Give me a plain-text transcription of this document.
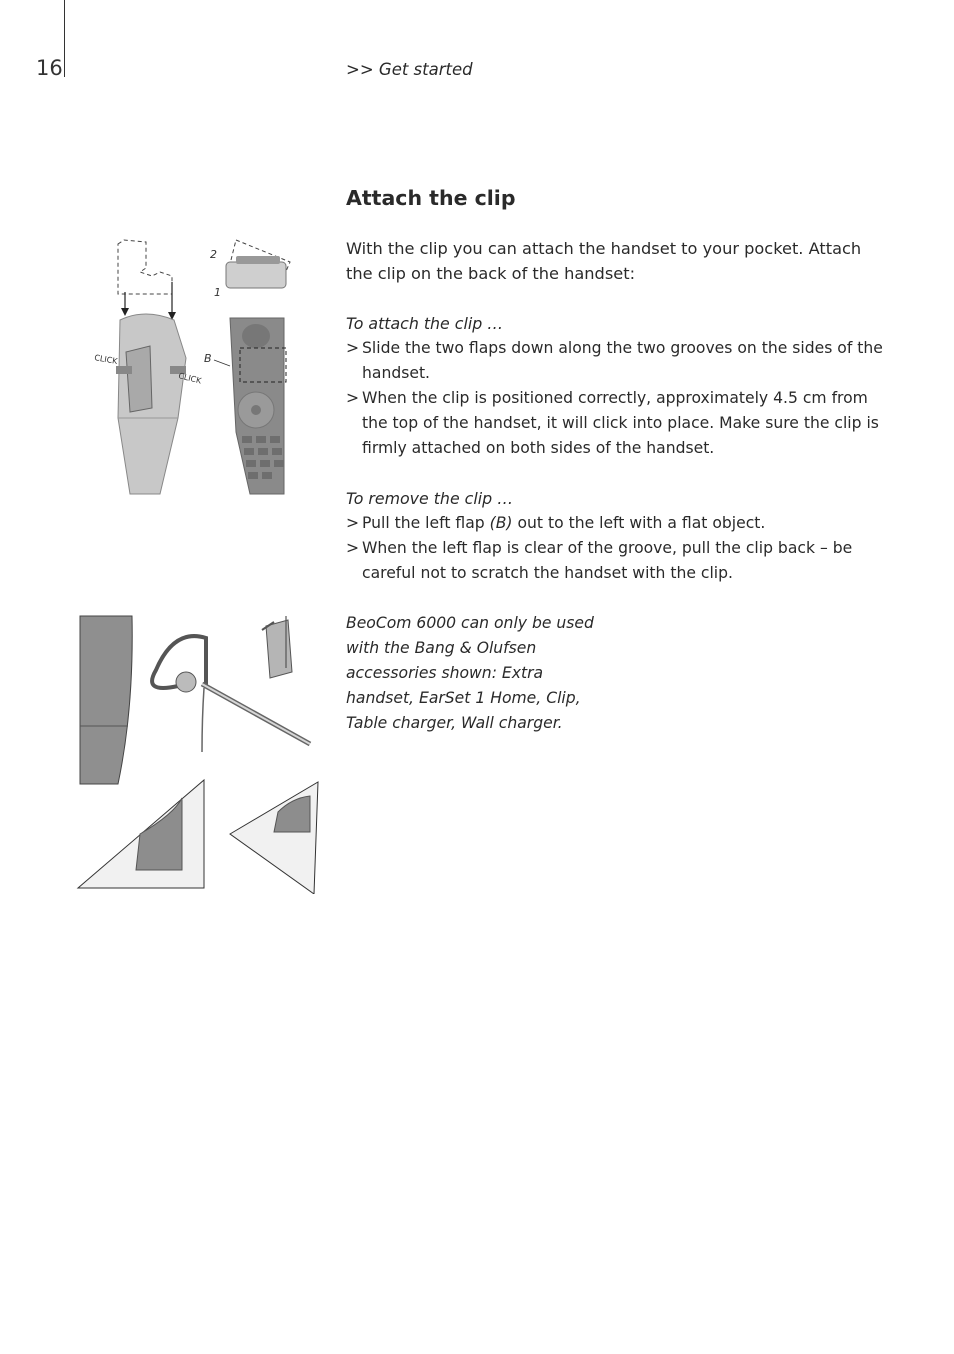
16	>> Get started
CLICK
CLICK
2
1
B
Attach the clip

With the clip you can attach the handset to your pocket. Attach the clip on the back of the handset:

To attach the clip …

> Slide the two flaps down along the two grooves on the sides of the handset.
> When the clip is positioned correctly, approximately 4.5 cm from the top of the handset, it will click into place. Make sure the clip is firmly attached on both sides of the handset.

To remove the clip …

> Pull the left flap (B) out to the left with a flat object.
> When the left flap is clear of the groove, pull the clip back – be careful not to scratch the handset with the clip.

BeoCom 6000 can only be used with the Bang & Olufsen accessories shown: Extra handset, EarSet 1 Home, Clip, Table charger, Wall charger.
